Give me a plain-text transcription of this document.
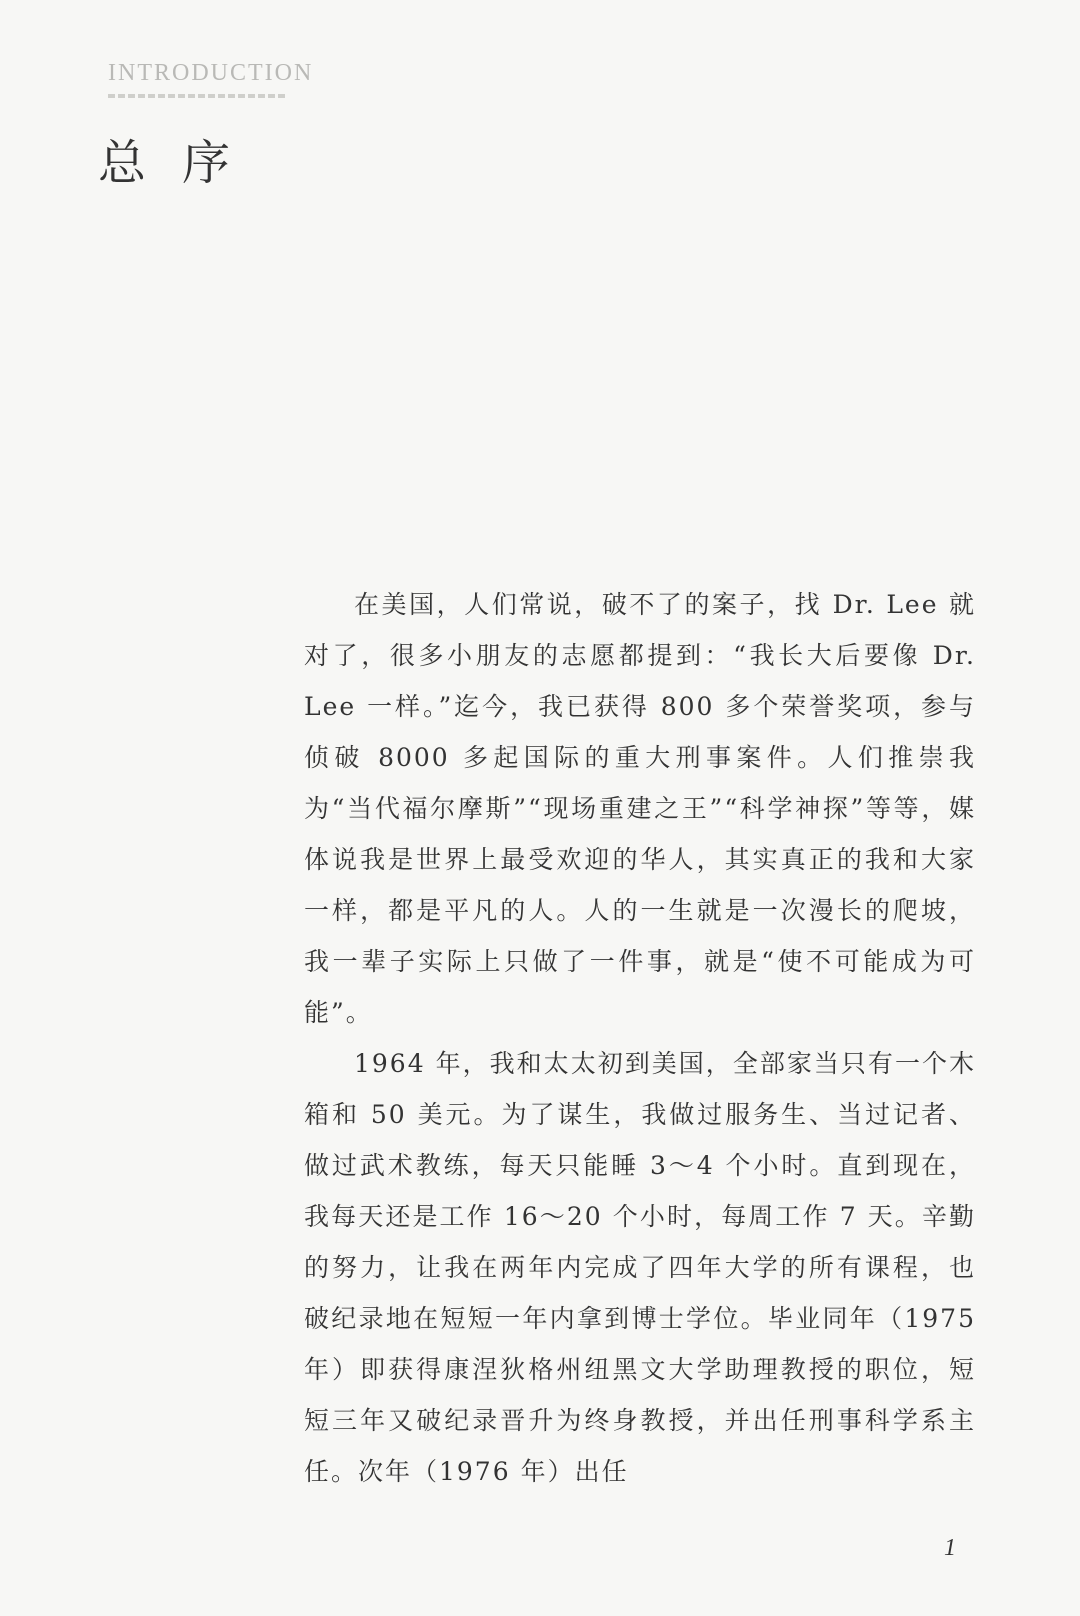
INTRODUCTION
总序

在美国，人们常说，破不了的案子，找 Dr. Lee 就对了，很多小朋友的志愿都提到：“我长大后要像 Dr. Lee 一样。”迄今，我已获得 800 多个荣誉奖项，参与侦破 8000 多起国际的重大刑事案件。人们推崇我为“当代福尔摩斯”“现场重建之王”“科学神探”等等，媒体说我是世界上最受欢迎的华人，其实真正的我和大家一样，都是平凡的人。人的一生就是一次漫长的爬坡，我一辈子实际上只做了一件事，就是“使不可能成为可能”。

1964 年，我和太太初到美国，全部家当只有一个木箱和 50 美元。为了谋生，我做过服务生、当过记者、做过武术教练，每天只能睡 3～4 个小时。直到现在，我每天还是工作 16～20 个小时，每周工作 7 天。辛勤的努力，让我在两年内完成了四年大学的所有课程，也破纪录地在短短一年内拿到博士学位。毕业同年（1975 年）即获得康涅狄格州纽黑文大学助理教授的职位，短短三年又破纪录晋升为终身教授，并出任刑事科学系主任。次年（1976 年）出任

1
